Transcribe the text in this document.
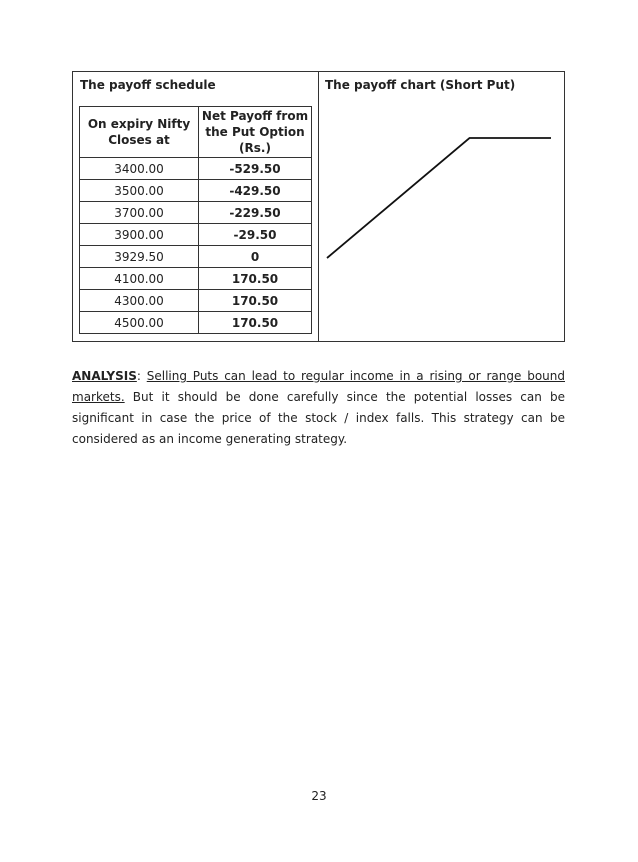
The payoff schedule	The payoff chart (Short Put)
On expiry Nifty Closes at	Net Payoff from the Put Option (Rs.)
3400.00	-529.50
3500.00	-429.50
3700.00	-229.50
3900.00	-29.50
3929.50	0
4100.00	170.50
4300.00	170.50
4500.00	170.50
ANALYSIS: Selling Puts can lead to regular income in a rising or range bound markets. But it should be done carefully since the potential losses can be significant in case the price of the stock / index falls. This strategy can be considered as an income generating strategy.
23
